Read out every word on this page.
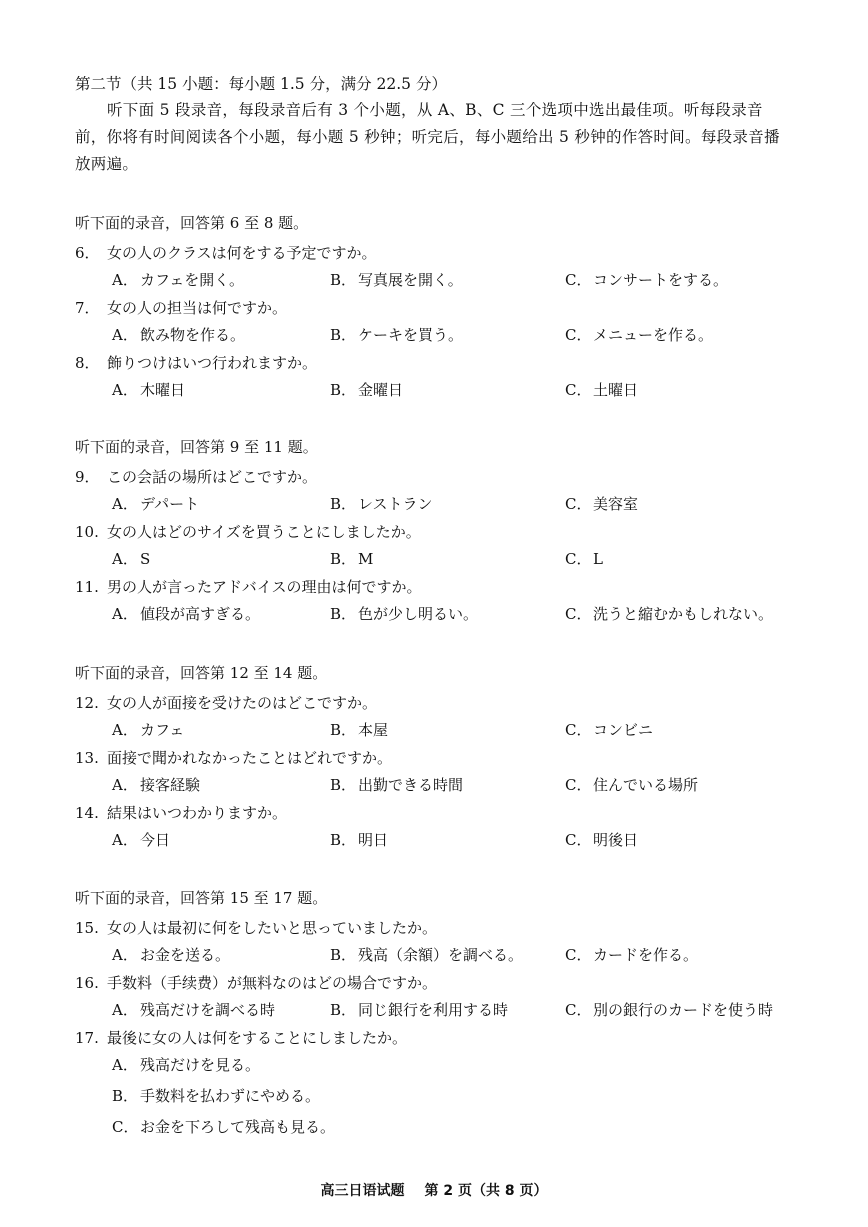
第二节（共 15 小题：每小题 1.5 分，满分 22.5 分）
听下面 5 段录音，每段录音后有 3 个小题，从 A、B、C 三个选项中选出最佳项。听每段录音前，你将有时间阅读各个小题，每小题 5 秒钟；听完后，每小题给出 5 秒钟的作答时间。每段录音播放两遍。
听下面的录音，回答第 6 至 8 题。
6． 女の人のクラスは何をする予定ですか。
A． カフェを開く。	B． 写真展を開く。	C． コンサートをする。
7． 女の人の担当は何ですか。
A． 飲み物を作る。	B． ケーキを買う。	C． メニューを作る。
8． 飾りつけはいつ行われますか。
A． 木曜日	B． 金曜日	C． 土曜日
听下面的录音，回答第 9 至 11 题。
9． この会話の場所はどこですか。
A． デパート	B． レストラン	C． 美容室
10. 女の人はどのサイズを買うことにしましたか。
A． S	B． M	C． L
11. 男の人が言ったアドバイスの理由は何ですか。
A． 値段が高すぎる。	B． 色が少し明るい。	C． 洗うと縮むかもしれない。
听下面的录音，回答第 12 至 14 题。
12. 女の人が面接を受けたのはどこですか。
A． カフェ	B． 本屋	C． コンビニ
13. 面接で聞かれなかったことはどれですか。
A． 接客経験	B． 出勤できる時間	C． 住んでいる場所
14. 結果はいつわかりますか。
A． 今日	B． 明日	C． 明後日
听下面的录音，回答第 15 至 17 题。
15. 女の人は最初に何をしたいと思っていましたか。
A． お金を送る。	B． 残高（余額）を調べる。	C． カードを作る。
16. 手数料（手续费）が無料なのはどの場合ですか。
A． 残高だけを調べる時	B． 同じ銀行を利用する時	C． 別の銀行のカードを使う時
17. 最後に女の人は何をすることにしましたか。
A． 残高だけを見る。
B． 手数料を払わずにやめる。
C． お金を下ろして残高も見る。
高三日语试题 第 2 页（共 8 页）
